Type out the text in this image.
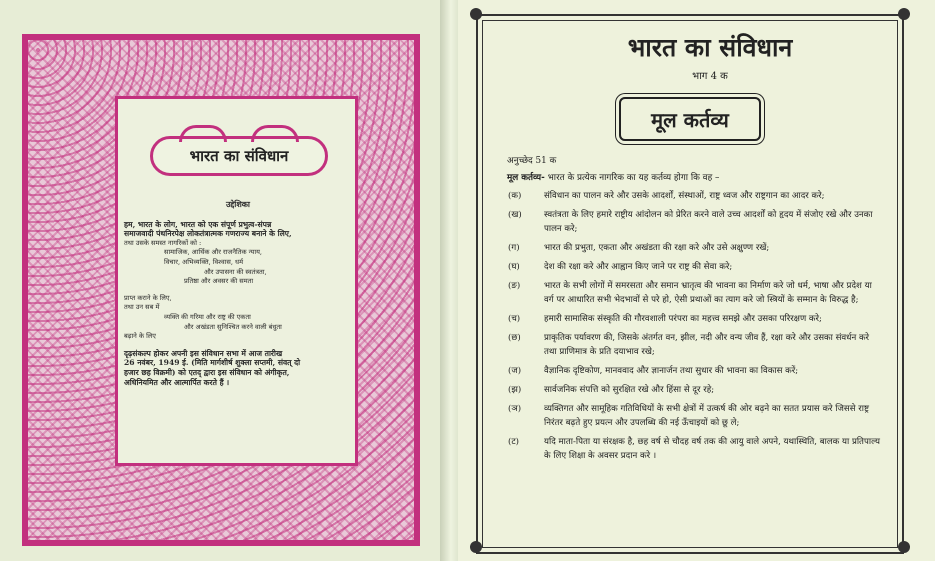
भारत का संविधान
उद्देशिका
हम, भारत के लोग, भारत को एक संपूर्ण प्रभुत्व-संपन्न
समाजवादी पंथनिरपेक्ष लोकतंत्रात्मक गणराज्य बनाने के लिए,
तथा उसके समस्त नागरिकों को :
सामाजिक, आर्थिक और राजनैतिक न्याय,
विचार, अभिव्यक्ति, विश्वास, धर्म
और उपासना की स्वतंत्रता,
प्रतिष्ठा और अवसर की समता
प्राप्त कराने के लिए,
तथा उन सब में
व्यक्ति की गरिमा और राष्ट्र की एकता
और अखंडता सुनिश्चित करने वाली बंधुता
बढ़ाने के लिए
दृढ़संकल्प होकर अपनी इस संविधान सभा में आज तारीख
26 नवंबर, 1949 ई. (मिति मार्गशीर्ष शुक्ला सप्तमी, संवत् दो
हजार छह विक्रमी) को एतद् द्वारा इस संविधान को अंगीकृत,
अधिनियमित और आत्मार्पित करते हैं ।
भारत का संविधान
भाग 4 क
मूल कर्तव्य
अनुच्छेद 51 क
मूल कर्तव्य- भारत के प्रत्येक नागरिक का यह कर्तव्य होगा कि वह –
(क)	संविधान का पालन करे और उसके आदर्शों, संस्थाओं, राष्ट्र ध्वज और राष्ट्रगान का आदर करे;
(ख)	स्वतंत्रता के लिए हमारे राष्ट्रीय आंदोलन को प्रेरित करने वाले उच्च आदर्शों को हृदय में संजोए रखे और उनका पालन करे;
(ग)	भारत की प्रभुता, एकता और अखंडता की रक्षा करे और उसे अक्षुण्ण रखें;
(घ)	देश की रक्षा करे और आह्वान किए जाने पर राष्ट्र की सेवा करे;
(ङ)	भारत के सभी लोगों में समरसता और समान भ्रातृत्व की भावना का निर्माण करे जो धर्म, भाषा और प्रदेश या वर्ग पर आधारित सभी भेदभावों से परे हो, ऐसी प्रथाओं का त्याग करे जो स्त्रियों के सम्मान के विरुद्ध है;
(च)	हमारी सामासिक संस्कृति की गौरवशाली परंपरा का महत्त्व समझे और उसका परिरक्षण करे;
(छ)	प्राकृतिक पर्यावरण की, जिसके अंतर्गत वन, झील, नदी और वन्य जीव हैं, रक्षा करे और उसका संवर्धन करे तथा प्राणिमात्र के प्रति दयाभाव रखे;
(ज)	वैज्ञानिक दृष्टिकोण, मानववाद और ज्ञानार्जन तथा सुधार की भावना का विकास करें;
(झ)	सार्वजनिक संपत्ति को सुरक्षित रखे और हिंसा से दूर रहे;
(ञ)	व्यक्तिगत और सामूहिक गतिविधियों के सभी क्षेत्रों में उत्कर्ष की ओर बढ़ने का सतत प्रयास करे जिससे राष्ट्र निरंतर बढ़ते हुए प्रयत्न और उपलब्धि की नई ऊँचाइयों को छू ले;
(ट)	यदि माता-पिता या संरक्षक है, छह वर्ष से चौदह वर्ष तक की आयु वाले अपने, यथास्थिति, बालक या प्रतिपाल्य के लिए शिक्षा के अवसर प्रदान करे ।
